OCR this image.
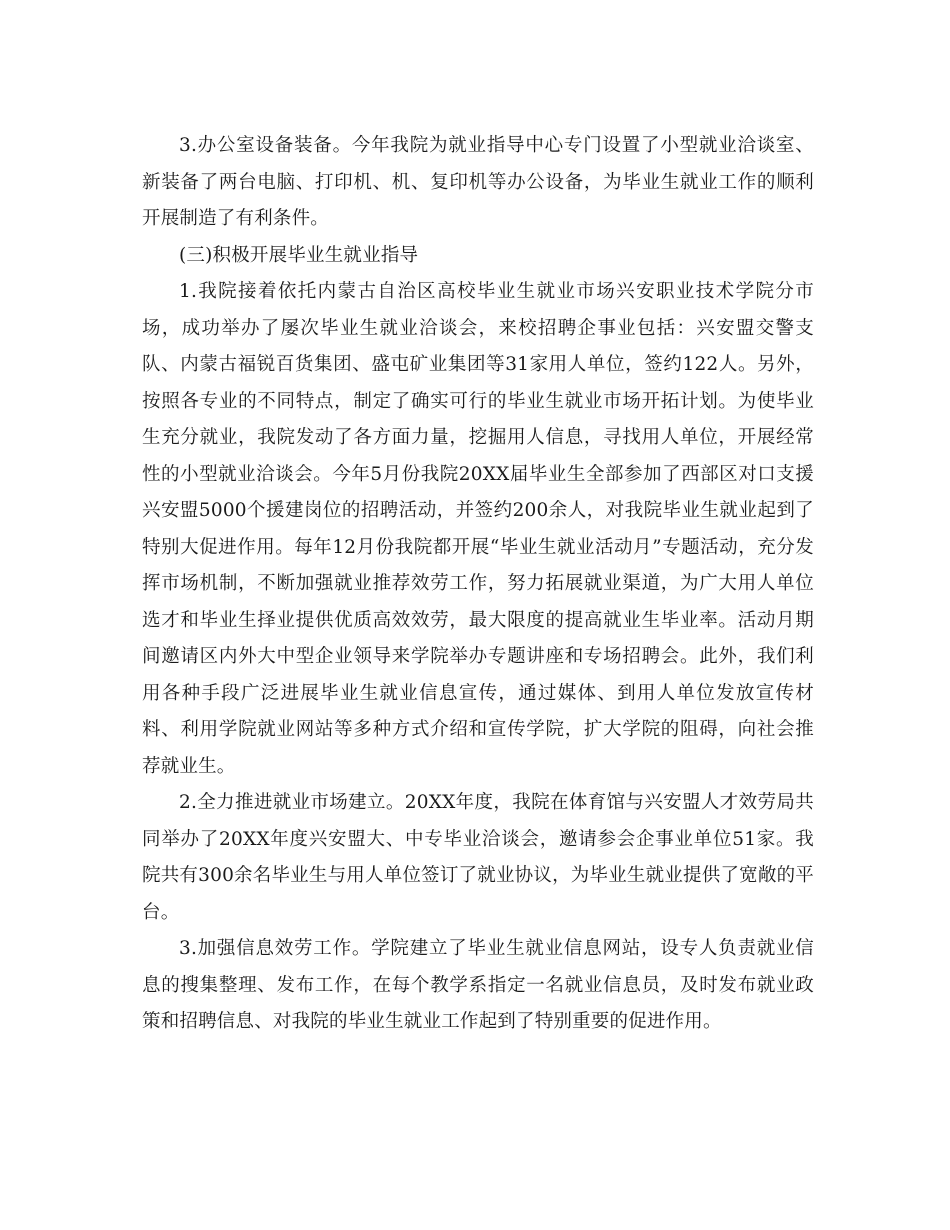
3.办公室设备装备。今年我院为就业指导中心专门设置了小型就业洽谈室、新装备了两台电脑、打印机、机、复印机等办公设备，为毕业生就业工作的顺利开展制造了有利条件。

(三)积极开展毕业生就业指导

1.我院接着依托内蒙古自治区高校毕业生就业市场兴安职业技术学院分市场，成功举办了屡次毕业生就业洽谈会，来校招聘企事业包括：兴安盟交警支队、内蒙古福锐百货集团、盛屯矿业集团等31家用人单位，签约122人。另外，按照各专业的不同特点，制定了确实可行的毕业生就业市场开拓计划。为使毕业生充分就业，我院发动了各方面力量，挖掘用人信息，寻找用人单位，开展经常性的小型就业洽谈会。今年5月份我院20XX届毕业生全部参加了西部区对口支援兴安盟5000个援建岗位的招聘活动，并签约200余人，对我院毕业生就业起到了特别大促进作用。每年12月份我院都开展“毕业生就业活动月”专题活动，充分发挥市场机制，不断加强就业推荐效劳工作，努力拓展就业渠道，为广大用人单位选才和毕业生择业提供优质高效效劳，最大限度的提高就业生毕业率。活动月期间邀请区内外大中型企业领导来学院举办专题讲座和专场招聘会。此外，我们利用各种手段广泛进展毕业生就业信息宣传，通过媒体、到用人单位发放宣传材料、利用学院就业网站等多种方式介绍和宣传学院，扩大学院的阻碍，向社会推荐就业生。

2.全力推进就业市场建立。20XX年度，我院在体育馆与兴安盟人才效劳局共同举办了20XX年度兴安盟大、中专毕业洽谈会，邀请参会企事业单位51家。我院共有300余名毕业生与用人单位签订了就业协议，为毕业生就业提供了宽敞的平台。

3.加强信息效劳工作。学院建立了毕业生就业信息网站，设专人负责就业信息的搜集整理、发布工作，在每个教学系指定一名就业信息员，及时发布就业政策和招聘信息、对我院的毕业生就业工作起到了特别重要的促进作用。
